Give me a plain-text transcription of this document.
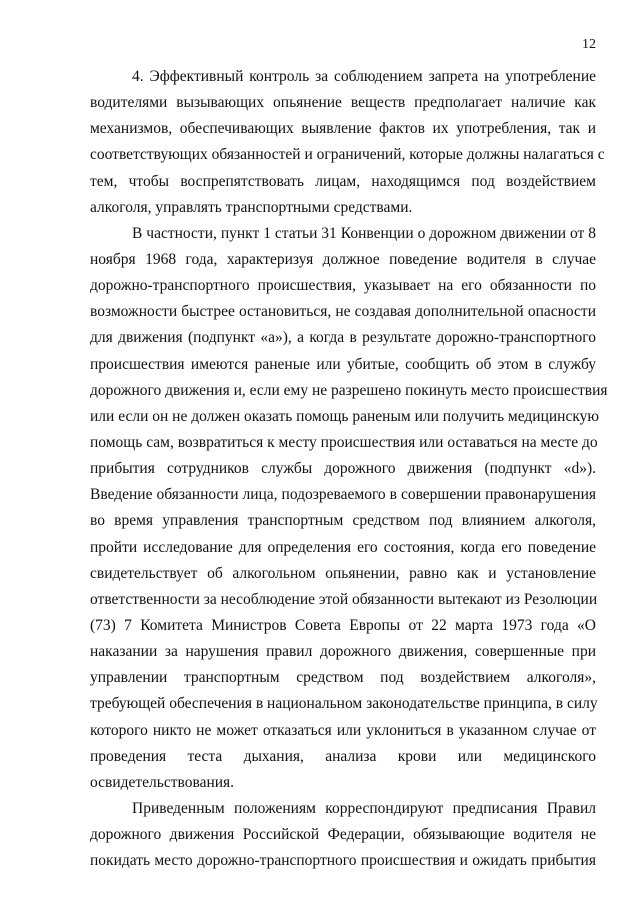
12
4. Эффективный контроль за соблюдением запрета на употребление
водителями вызывающих опьянение веществ предполагает наличие как
механизмов, обеспечивающих выявление фактов их употребления, так и
соответствующих обязанностей и ограничений, которые должны налагаться с
тем, чтобы воспрепятствовать лицам, находящимся под воздействием
алкоголя, управлять транспортными средствами.
В частности, пункт 1 статьи 31 Конвенции о дорожном движении от 8
ноября 1968 года, характеризуя должное поведение водителя в случае
дорожно-транспортного происшествия, указывает на его обязанности по
возможности быстрее остановиться, не создавая дополнительной опасности
для движения (подпункт «а»), а когда в результате дорожно-транспортного
происшествия имеются раненые или убитые, сообщить об этом в службу
дорожного движения и, если ему не разрешено покинуть место происшествия
или если он не должен оказать помощь раненым или получить медицинскую
помощь сам, возвратиться к месту происшествия или оставаться на месте до
прибытия сотрудников службы дорожного движения (подпункт «d»).
Введение обязанности лица, подозреваемого в совершении правонарушения
во время управления транспортным средством под влиянием алкоголя,
пройти исследование для определения его состояния, когда его поведение
свидетельствует об алкогольном опьянении, равно как и установление
ответственности за несоблюдение этой обязанности вытекают из Резолюции
(73) 7 Комитета Министров Совета Европы от 22 марта 1973 года «О
наказании за нарушения правил дорожного движения, совершенные при
управлении транспортным средством под воздействием алкоголя»,
требующей обеспечения в национальном законодательстве принципа, в силу
которого никто не может отказаться или уклониться в указанном случае от
проведения теста дыхания, анализа крови или медицинского
освидетельствования.
Приведенным положениям корреспондируют предписания Правил
дорожного движения Российской Федерации, обязывающие водителя не
покидать место дорожно-транспортного происшествия и ожидать прибытия
